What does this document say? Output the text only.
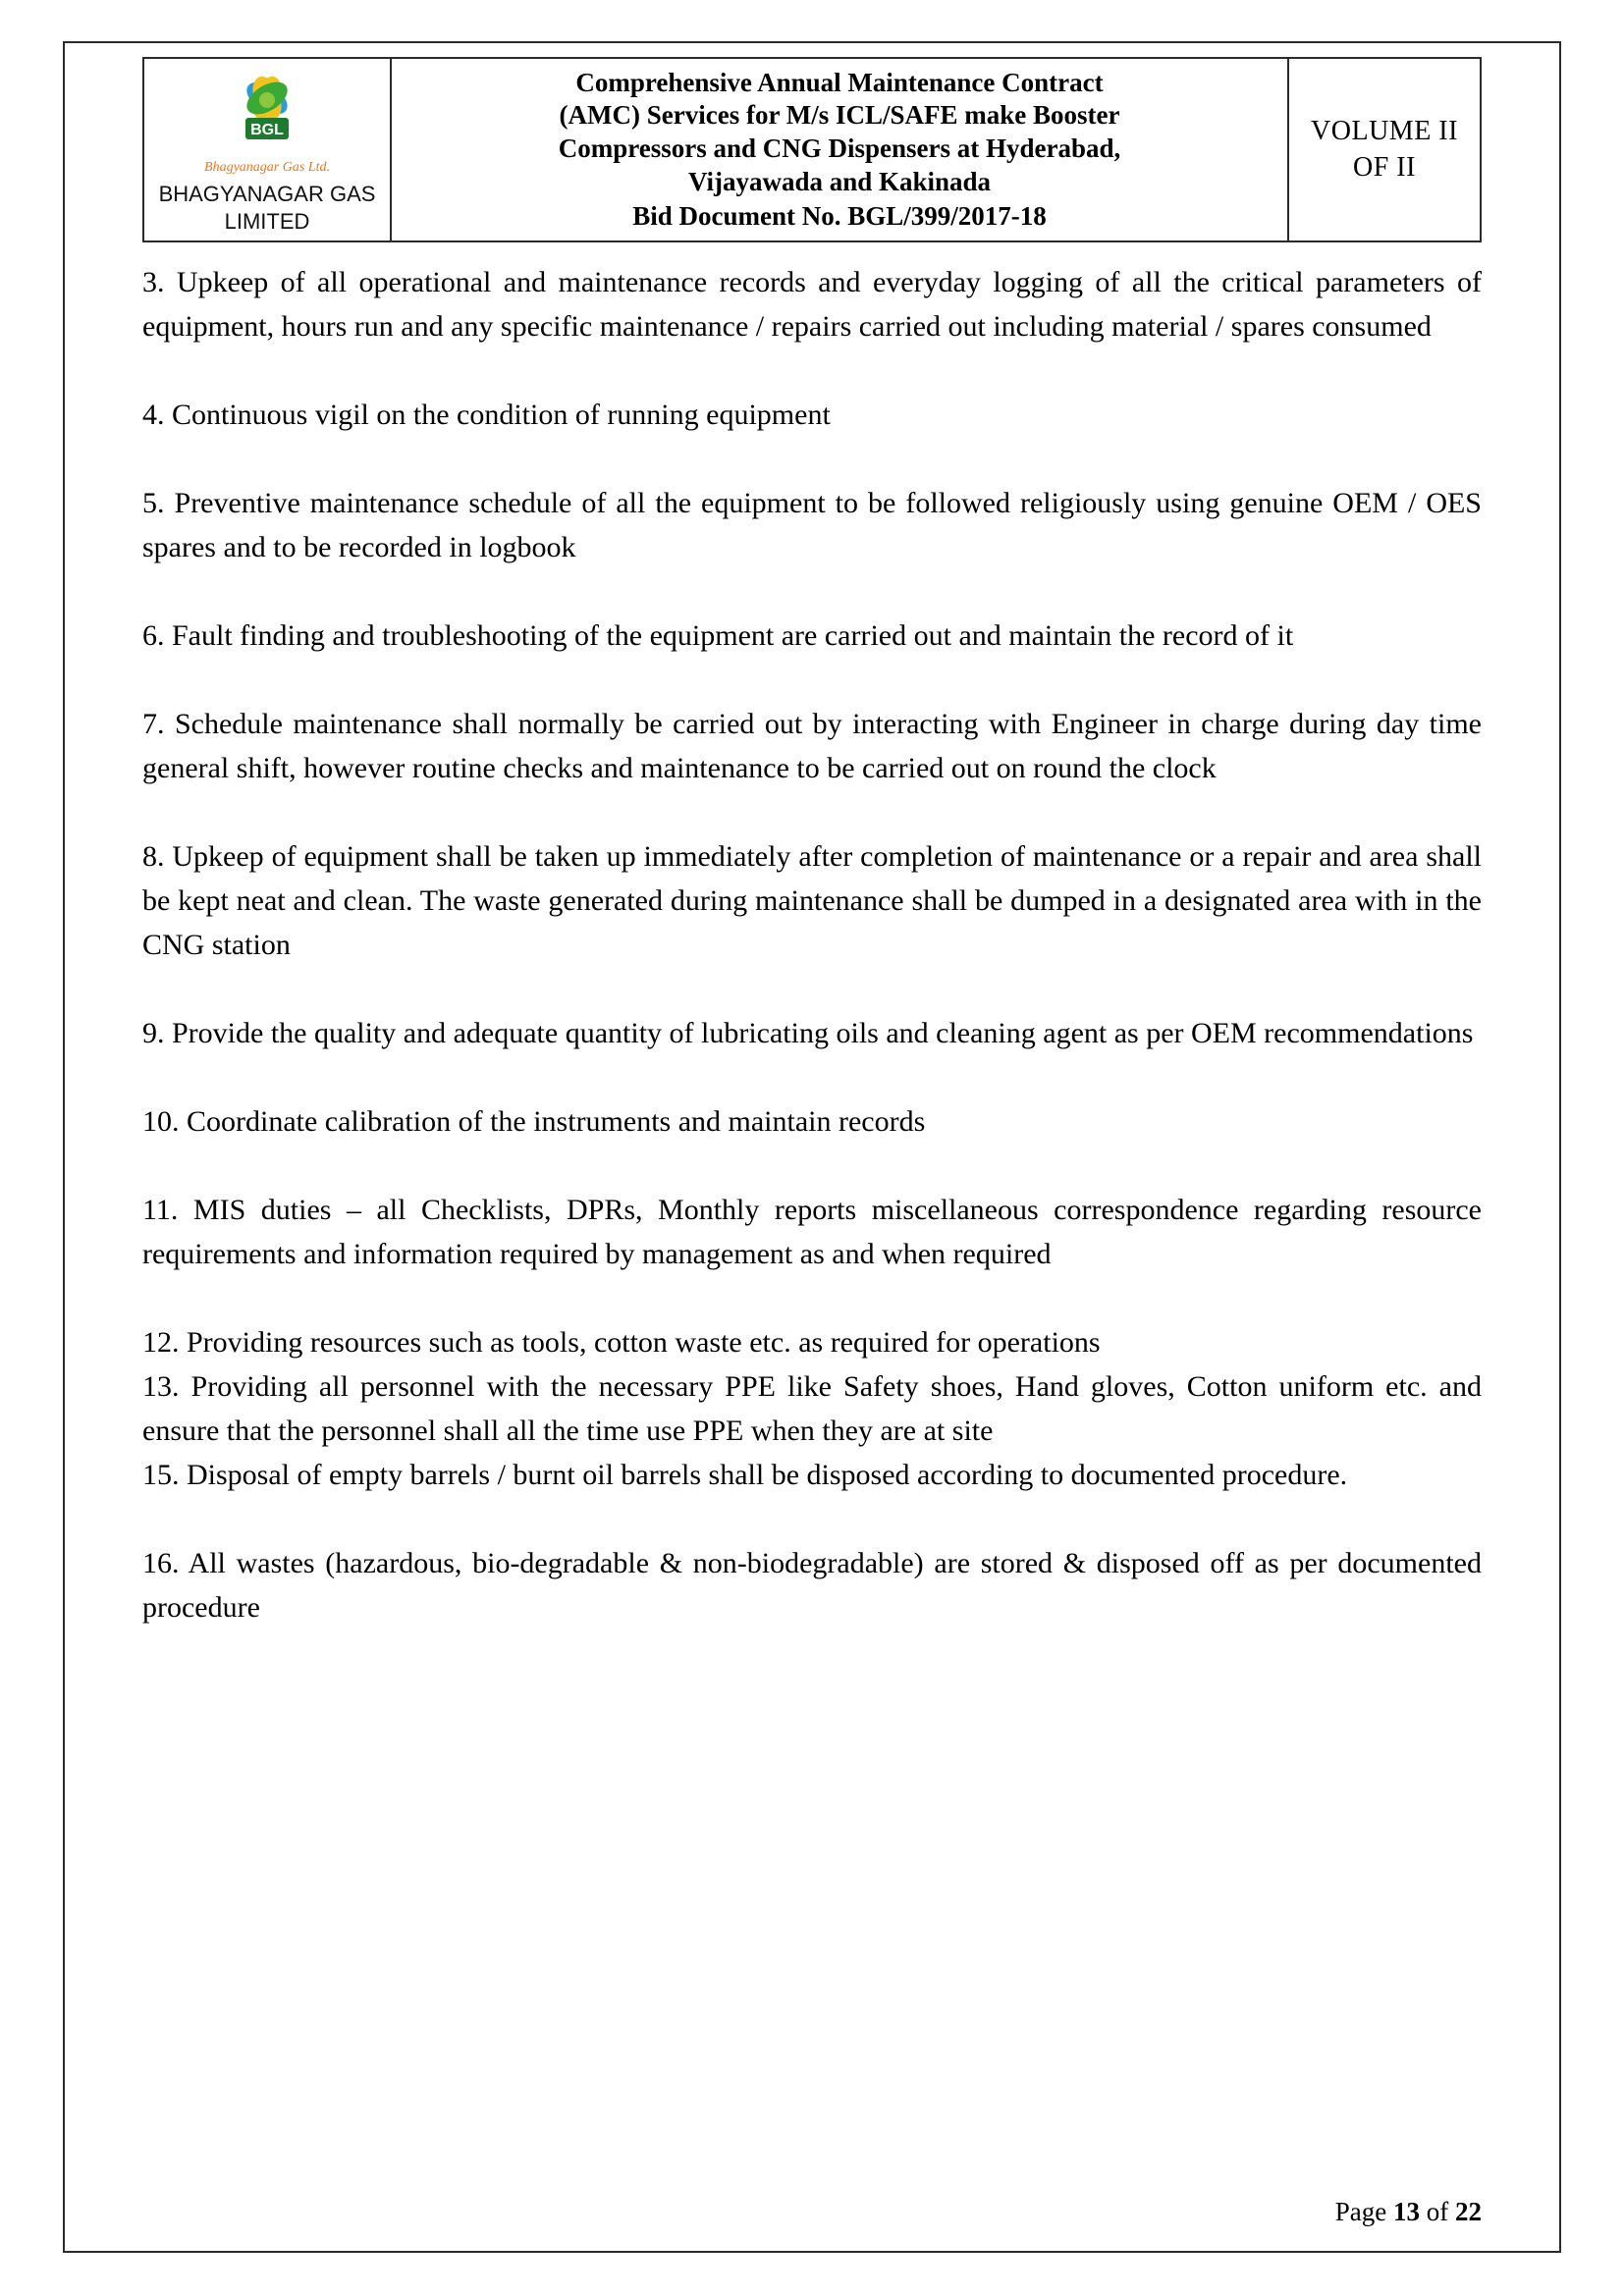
BGL
Bhagyanagar Gas Ltd.
BHAGYANAGAR GAS
LIMITED

Comprehensive Annual Maintenance Contract
(AMC) Services for M/s ICL/SAFE make Booster
Compressors and CNG Dispensers at Hyderabad,
Vijayawada and Kakinada
Bid Document No. BGL/399/2017-18

VOLUME II
OF II

3. Upkeep of all operational and maintenance records and everyday logging of all the critical parameters of equipment, hours run and any specific maintenance / repairs carried out including material / spares consumed

4. Continuous vigil on the condition of running equipment

5. Preventive maintenance schedule of all the equipment to be followed religiously using genuine OEM / OES spares and to be recorded in logbook

6. Fault finding and troubleshooting of the equipment are carried out and maintain the record of it

7. Schedule maintenance shall normally be carried out by interacting with Engineer in charge during day time general shift, however routine checks and maintenance to be carried out on round the clock

8. Upkeep of equipment shall be taken up immediately after completion of maintenance or a repair and area shall be kept neat and clean. The waste generated during maintenance shall be dumped in a designated area with in the CNG station

9. Provide the quality and adequate quantity of lubricating oils and cleaning agent as per OEM recommendations

10. Coordinate calibration of the instruments and maintain records

11. MIS duties – all Checklists, DPRs, Monthly reports miscellaneous correspondence regarding resource requirements and information required by management as and when required

12. Providing resources such as tools, cotton waste etc. as required for operations

13. Providing all personnel with the necessary PPE like Safety shoes, Hand gloves, Cotton uniform etc. and ensure that the personnel shall all the time use PPE when they are at site

15. Disposal of empty barrels / burnt oil barrels shall be disposed according to documented procedure.

16. All wastes (hazardous, bio-degradable & non-biodegradable) are stored & disposed off as per documented procedure

Page 13 of 22
